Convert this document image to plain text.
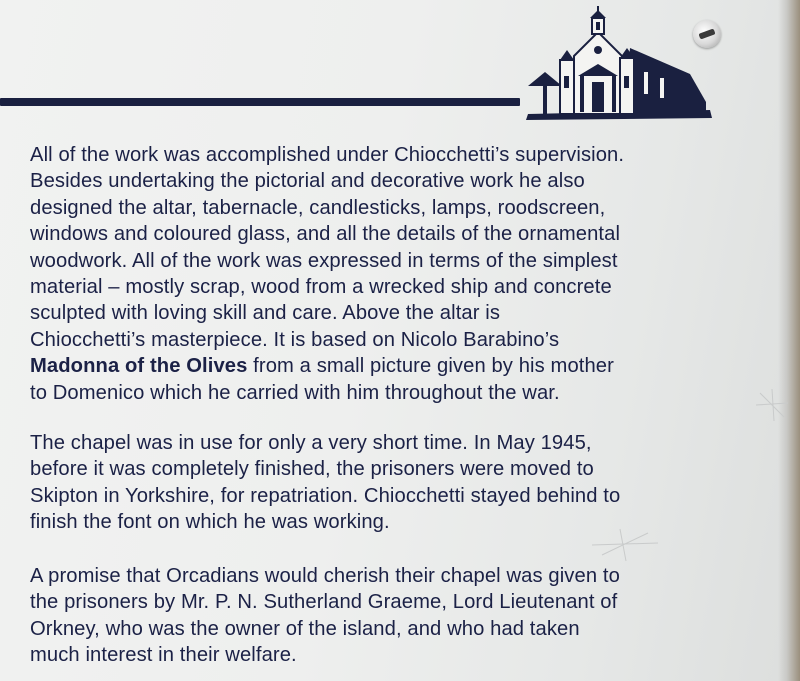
All of the work was accomplished under Chiocchetti’s supervision.

Besides undertaking the pictorial and decorative work he also

designed the altar, tabernacle, candlesticks, lamps, roodscreen,

windows and coloured glass, and all the details of the ornamental

woodwork. All of the work was expressed in terms of the simplest

material – mostly scrap, wood from a wrecked ship and concrete

sculpted with loving skill and care. Above the altar is

Chiocchetti’s masterpiece. It is based on Nicolo Barabino’s

Madonna of the Olives from a small picture given by his mother

to Domenico which he carried with him throughout the war.

The chapel was in use for only a very short time. In May 1945,

before it was completely finished, the prisoners were moved to

Skipton in Yorkshire, for repatriation. Chiocchetti stayed behind to

finish the font on which he was working.

A promise that Orcadians would cherish their chapel was given to

the prisoners by Mr. P. N. Sutherland Graeme, Lord Lieutenant of

Orkney, who was the owner of the island, and who had taken

much interest in their welfare.
